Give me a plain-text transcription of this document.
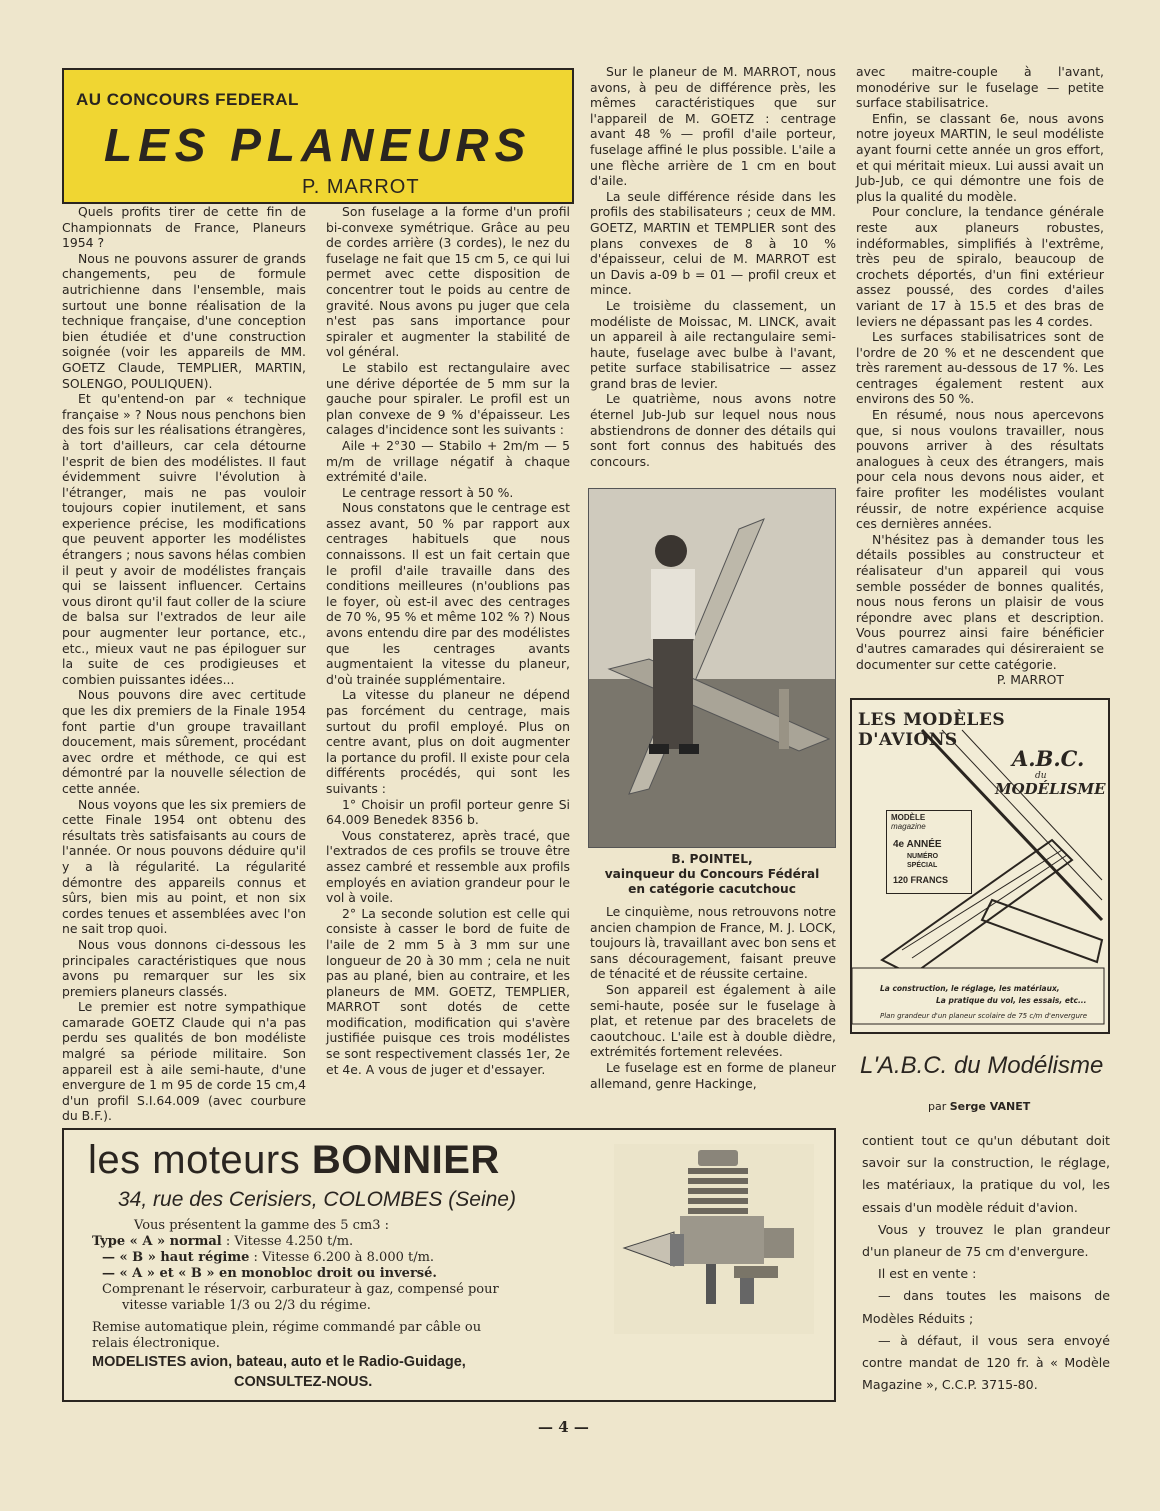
AU CONCOURS FEDERAL
LES PLANEURS
P. MARROT

Quels profits tirer de cette fin de Championnats de France, Planeurs 1954 ?

Nous ne pouvons assurer de grands changements, peu de formule autrichienne dans l'ensemble, mais surtout une bonne réalisation de la technique française, d'une conception bien étudiée et d'une construction soignée (voir les appareils de MM. GOETZ Claude, TEMPLIER, MARTIN, SOLENGO, POULIQUEN).

Et qu'entend-on par « technique française » ? Nous nous penchons bien des fois sur les réalisations étrangères, à tort d'ailleurs, car cela détourne l'esprit de bien des modélistes. Il faut évidemment suivre l'évolution à l'étranger, mais ne pas vouloir toujours copier inutilement, et sans experience précise, les modifications que peuvent apporter les modélistes étrangers ; nous savons hélas combien il peut y avoir de modélistes français qui se laissent influencer. Certains vous diront qu'il faut coller de la sciure de balsa sur l'extrados de leur aile pour augmenter leur portance, etc., etc., mieux vaut ne pas épiloguer sur la suite de ces prodigieuses et combien puissantes idées...

Nous pouvons dire avec certitude que les dix premiers de la Finale 1954 font partie d'un groupe travaillant doucement, mais sûrement, procédant avec ordre et méthode, ce qui est démontré par la nouvelle sélection de cette année.

Nous voyons que les six premiers de cette Finale 1954 ont obtenu des résultats très satisfaisants au cours de l'année. Or nous pouvons déduire qu'il y a là régularité. La régularité démontre des appareils connus et sûrs, bien mis au point, et non six cordes tenues et assemblées avec l'on ne sait trop quoi.

Nous vous donnons ci-dessous les principales caractéristiques que nous avons pu remarquer sur les six premiers planeurs classés.

Le premier est notre sympathique camarade GOETZ Claude qui n'a pas perdu ses qualités de bon modéliste malgré sa période militaire. Son appareil est à aile semi-haute, d'une envergure de 1 m 95 de corde 15 cm,4 d'un profil S.I.64.009 (avec courbure du B.F.).

Son fuselage a la forme d'un profil bi-convexe symétrique. Grâce au peu de cordes arrière (3 cordes), le nez du fuselage ne fait que 15 cm 5, ce qui lui permet avec cette disposition de concentrer tout le poids au centre de gravité. Nous avons pu juger que cela n'est pas sans importance pour spiraler et augmenter la stabilité de vol général.

Le stabilo est rectangulaire avec une dérive déportée de 5 mm sur la gauche pour spiraler. Le profil est un plan convexe de 9 % d'épaisseur. Les calages d'incidence sont les suivants :

Aile + 2°30 — Stabilo + 2m/m — 5 m/m de vrillage négatif à chaque extrémité d'aile.

Le centrage ressort à 50 %.

Nous constatons que le centrage est assez avant, 50 % par rapport aux centrages habituels que nous connaissons. Il est un fait certain que le profil d'aile travaille dans des conditions meilleures (n'oublions pas le foyer, où est-il avec des centrages de 70 %, 95 % et même 102 % ?) Nous avons entendu dire par des modélistes que les centrages avants augmentaient la vitesse du planeur, d'où trainée supplémentaire.

La vitesse du planeur ne dépend pas forcément du centrage, mais surtout du profil employé. Plus on centre avant, plus on doit augmenter la portance du profil. Il existe pour cela différents procédés, qui sont les suivants :

1° Choisir un profil porteur genre Si 64.009 Benedek 8356 b.

Vous constaterez, après tracé, que l'extrados de ces profils se trouve être assez cambré et ressemble aux profils employés en aviation grandeur pour le vol à voile.

2° La seconde solution est celle qui consiste à casser le bord de fuite de l'aile de 2 mm 5 à 3 mm sur une longueur de 20 à 30 mm ; cela ne nuit pas au plané, bien au contraire, et les planeurs de MM. GOETZ, TEMPLIER, MARROT sont dotés de cette modification, modification qui s'avère justifiée puisque ces trois modélistes se sont respectivement classés 1er, 2e et 4e. A vous de juger et d'essayer.

Sur le planeur de M. MARROT, nous avons, à peu de différence près, les mêmes caractéristiques que sur l'appareil de M. GOETZ : centrage avant 48 % — profil d'aile porteur, fuselage affiné le plus possible. L'aile a une flèche arrière de 1 cm en bout d'aile.

La seule différence réside dans les profils des stabilisateurs ; ceux de MM. GOETZ, MARTIN et TEMPLIER sont des plans convexes de 8 à 10 % d'épaisseur, celui de M. MARROT est un Davis a-09 b = 01 — profil creux et mince.

Le troisième du classement, un modéliste de Moissac, M. LINCK, avait un appareil à aile rectangulaire semi-haute, fuselage avec bulbe à l'avant, petite surface stabilisatrice — assez grand bras de levier.

Le quatrième, nous avons notre éternel Jub-Jub sur lequel nous nous abstiendrons de donner des détails qui sont fort connus des habitués des concours.

B. POINTEL,
vainqueur du Concours Fédéral
en catégorie cacutchouc

Le cinquième, nous retrouvons notre ancien champion de France, M. J. LOCK, toujours là, travaillant avec bon sens et sans découragement, faisant preuve de ténacité et de réussite certaine.

Son appareil est également à aile semi-haute, posée sur le fuselage à plat, et retenue par des bracelets de caoutchouc. L'aile est à double dièdre, extrémités fortement relevées.

Le fuselage est en forme de planeur allemand, genre Hackinge,

avec maitre-couple à l'avant, monodérive sur le fuselage — petite surface stabilisatrice.

Enfin, se classant 6e, nous avons notre joyeux MARTIN, le seul modéliste ayant fourni cette année un gros effort, et qui méritait mieux. Lui aussi avait un Jub-Jub, ce qui démontre une fois de plus la qualité du modèle.

Pour conclure, la tendance générale reste aux planeurs robustes, indéformables, simplifiés à l'extrême, très peu de spiralo, beaucoup de crochets déportés, d'un fini extérieur assez poussé, des cordes d'ailes variant de 17 à 15.5 et des bras de leviers ne dépassant pas les 4 cordes.

Les surfaces stabilisatrices sont de l'ordre de 20 % et ne descendent que très rarement au-dessous de 17 %. Les centrages également restent aux environs des 50 %.

En résumé, nous nous apercevons que, si nous voulons travailler, nous pouvons arriver à des résultats analogues à ceux des étrangers, mais pour cela nous devons nous aider, et faire profiter les modélistes voulant réussir, de notre expérience acquise ces dernières années.

N'hésitez pas à demander tous les détails possibles au constructeur et réalisateur d'un appareil qui vous semble posséder de bonnes qualités, nous nous ferons un plaisir de vous répondre avec plans et description. Vous pourrez ainsi faire bénéficier d'autres camarades qui désireraient se documenter sur cette catégorie.

P. MARROT

LES MODÈLES D'AVIONS
A.B.C.
du
MODÉLISME
MODÈLE
magazine
4e ANNÉE
NUMÉRO
SPÉCIAL
120 FRANCS
La construction, le réglage, les matériaux,
La pratique du vol, les essais, etc...
Plan grandeur d'un planeur scolaire de 75 c/m d'envergure
L'A.B.C. du Modélisme
par Serge VANET

contient tout ce qu'un débutant doit savoir sur la construction, le réglage, les matériaux, la pratique du vol, les essais d'un modèle réduit d'avion.

Vous y trouvez le plan grandeur d'un planeur de 75 cm d'envergure.

Il est en vente :

— dans toutes les maisons de Modèles Réduits ;

— à défaut, il vous sera envoyé contre mandat de 120 fr. à « Modèle Magazine », C.C.P. 3715-80.

les moteurs BONNIER
34, rue des Cerisiers, COLOMBES (Seine)
Vous présentent la gamme des 5 cm3 :
Type « A » normal : Vitesse 4.250 t/m.
— « B » haut régime : Vitesse 6.200 à 8.000 t/m.
— « A » et « B » en monobloc droit ou inversé.
Comprenant le réservoir, carburateur à gaz, compensé pour
vitesse variable 1/3 ou 2/3 du régime.
Remise automatique plein, régime commandé par câble ou
relais électronique.
MODELISTES avion, bateau, auto et le Radio-Guidage,
CONSULTEZ-NOUS.
— 4 —
